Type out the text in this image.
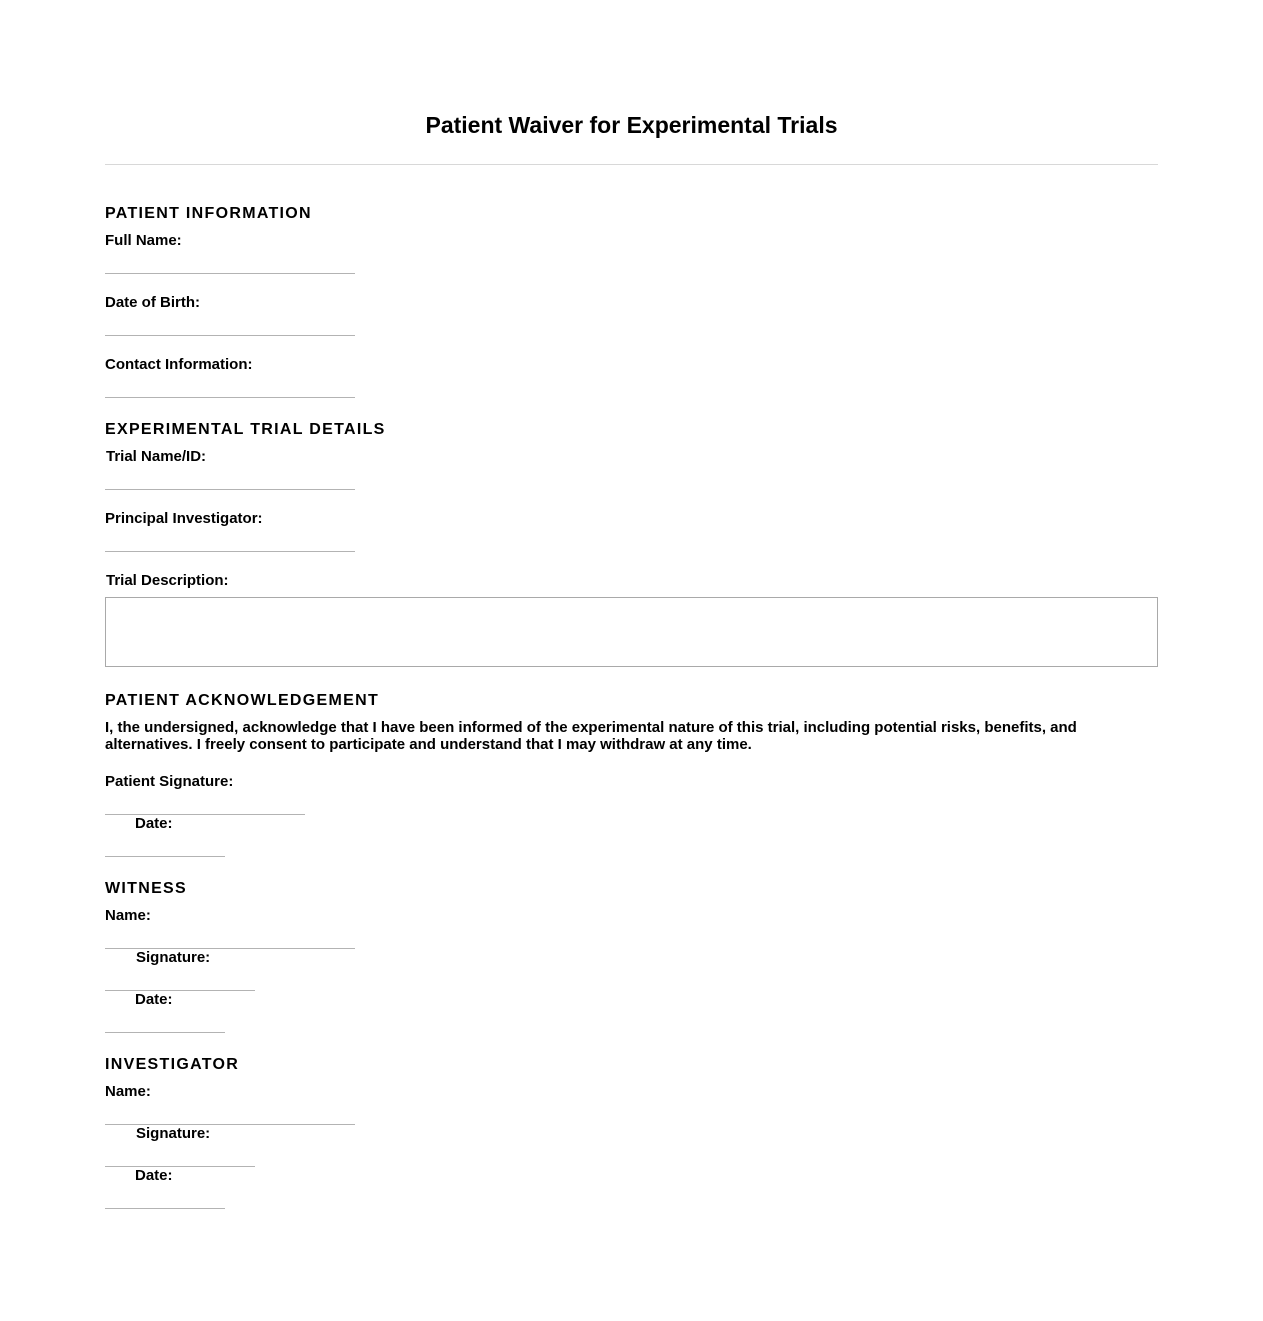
Patient Waiver for Experimental Trials
PATIENT INFORMATION
Full Name:
Date of Birth:
Contact Information:
EXPERIMENTAL TRIAL DETAILS
Trial Name/ID:
Principal Investigator:
Trial Description:
PATIENT ACKNOWLEDGEMENT

I, the undersigned, acknowledge that I have been informed of the experimental nature of this trial, including potential risks, benefits, and alternatives. I freely consent to participate and understand that I may withdraw at any time.

Patient Signature:
Date:
WITNESS
Name:
Signature:
Date:
INVESTIGATOR
Name:
Signature:
Date:
